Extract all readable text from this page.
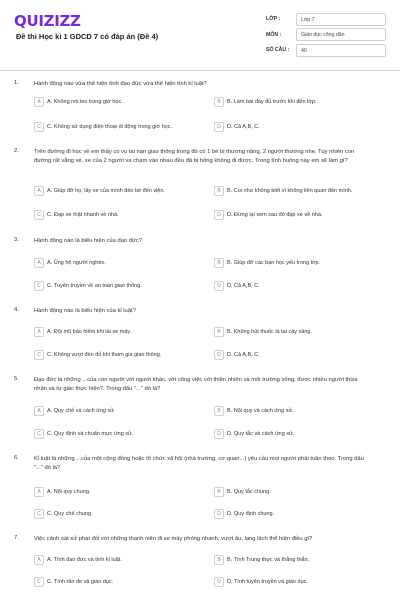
QUIZIZZ
Đề thi Học kì 1 GDCD 7 có đáp án (Đề 4)
LỚP :	Lớp 7
MÔN :	Giáo dục công dân
SỐ CÂU :	40
1.	Hành động nào vừa thể hiện tính đạo đức vừa thể hiện tính kỉ luật?
A	A. Không nói leo trong giờ học.	B	B. Làm bài đầy đủ trước khi đến lớp.
C	C. Không sử dụng điện thoại di động trong giờ học.	D	D. Cả A,B, C.
2.	Trên đường đi học về em thấy có vụ tai nạn giao thông trong đó có 1 bé bị thương nặng, 2 người thương nhẹ. Tuy nhiên con đường rất vắng vẻ, xe của 2 người va chạm vào nhau đều đã bị hỏng không đi được. Trong tình huống này em sẽ làm gì?
A	A. Giúp đỡ họ, lấy xe của mình đèo bé đến viện.	B	B. Coi như không biết vì không liên quan đến mình.
C	C. Đạp xe thật nhanh về nhà.	D	D. Đứng lại xem sau đó đạp xe về nhà.
3.	Hành động nào là biểu hiện của đạo đức?
A	A. Ủng hộ người nghèo.	B	B. Giúp đỡ các bạn học yếu trong lớp.
C	C. Tuyên truyền về an toàn giao thông.	D	D. Cả A,B, C.
4.	Hành động nào là biểu hiện của kỉ luật?
A	A. Đội mũ bảo hiểm khi lái xe máy.	B	B. Không hút thuốc lá tại cây xăng.
C	C. Không vượt đèn đỏ khi tham gia giao thông.	D	D. Cả A,B, C.
5.	Đạo đức là những ...của con người với người khác, với công việc với thiên nhiên và môi trường sống, được nhiều người thừa nhận và tự giác thực hiện?. Trong dấu "..." đó là?
A	A. Quy chế và cách ứng xử.	B	B. Nội quy và cách ứng xử.
C	C. Quy định và chuẩn mực ứng xử.	D	D. Quy tắc và cách ứng xử.
6.	Kỉ luật là những ...của một cộng đồng hoặc tổ chức xã hội (nhà trường, cơ quan...) yêu cầu mọi người phải tuân theo. Trong dấu "..." đó là?
A	A. Nội quy chung.	B	B. Quy tắc chung.
C	C. Quy chế chung.	D	D. Quy định chung.
7.	Việc cảnh sát xử phạt đối với những thanh niên đi xe máy phóng nhanh, vượt ẩu, lạng lách thể hiện điều gì?
A	A. Tính đạo đức và tính kỉ luật.	B	B. Tính Trung thực và thẳng thắn.
C	C. Tính răn đe và giáo dục.	D	D. Tính tuyên truyền và giáo dục.
